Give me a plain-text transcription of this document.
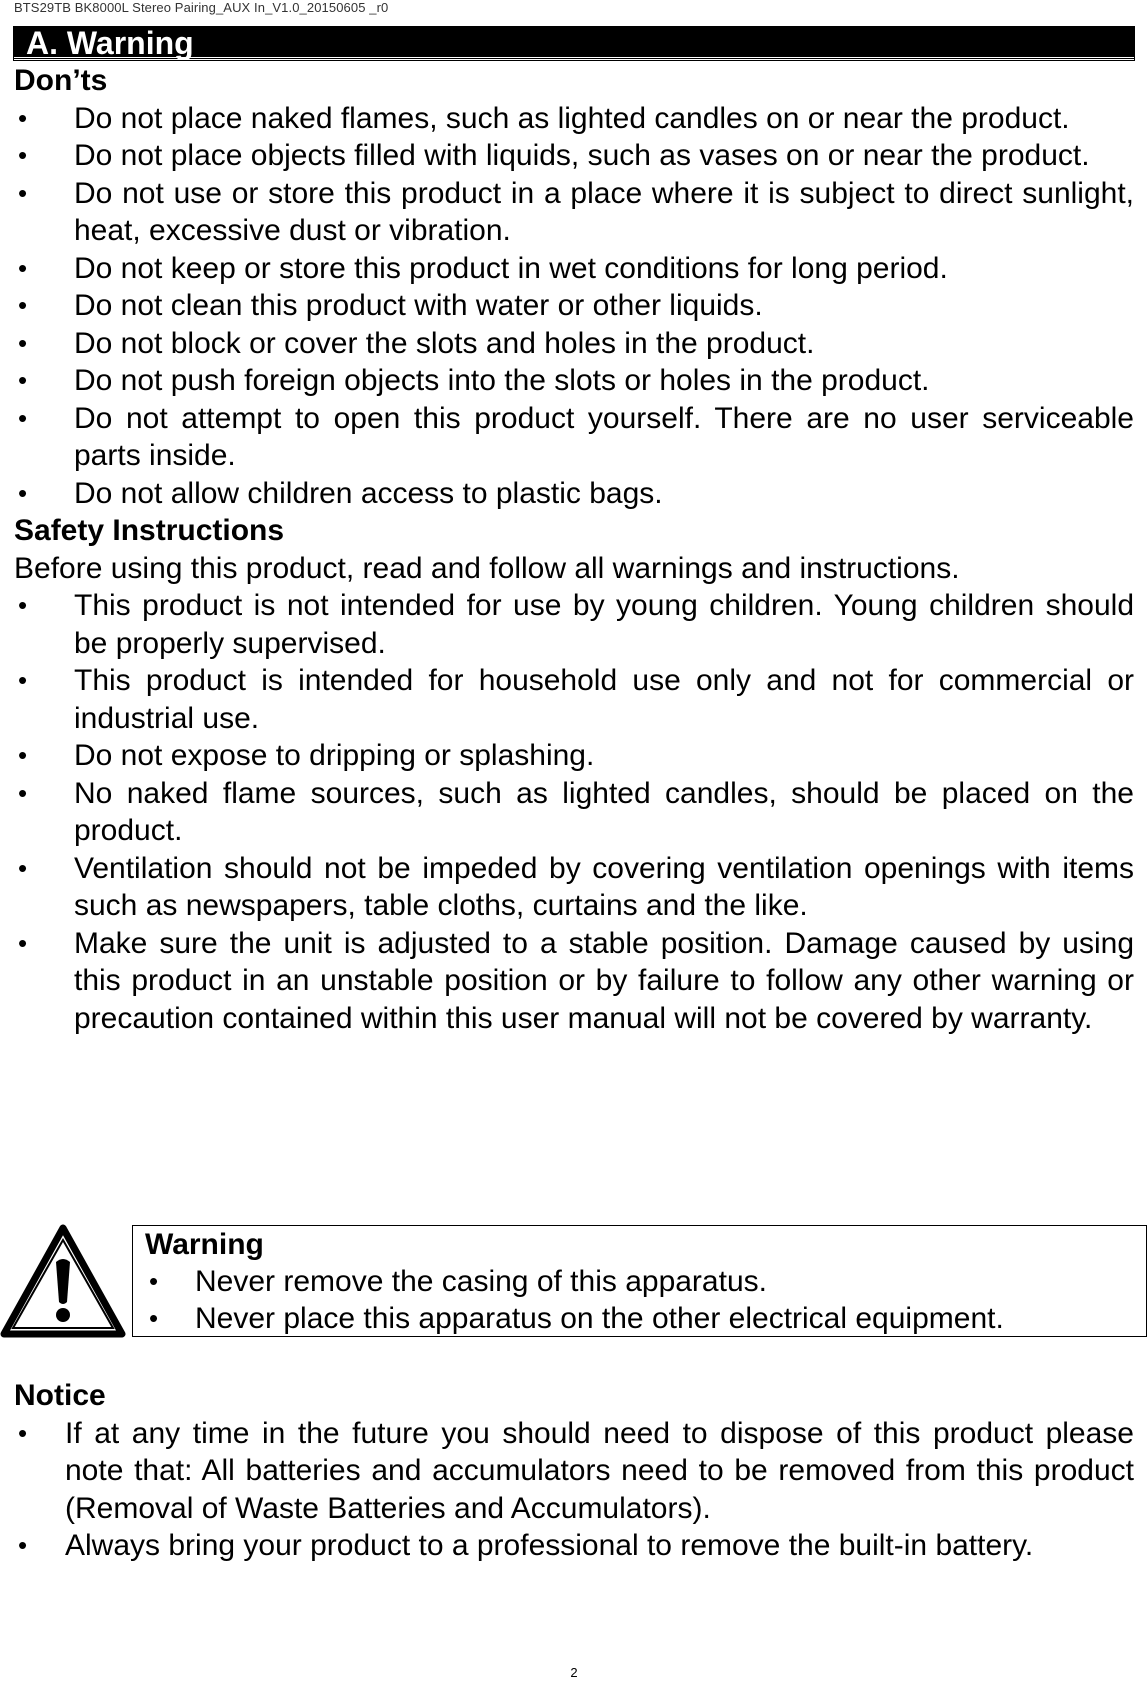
BTS29TB BK8000L Stereo Pairing_AUX In_V1.0_20150605 _r0
A. Warning
Don’ts
• Do not place naked flames, such as lighted candles on or near the product.
• Do not place objects filled with liquids, such as vases on or near the product.
• Do not use or store this product in a place where it is subject to direct sunlight, heat, excessive dust or vibration.
• Do not keep or store this product in wet conditions for long period.
• Do not clean this product with water or other liquids.
• Do not block or cover the slots and holes in the product.
• Do not push foreign objects into the slots or holes in the product.
• Do not attempt to open this product yourself. There are no user serviceable parts inside.
• Do not allow children access to plastic bags.
Safety Instructions

Before using this product, read and follow all warnings and instructions.

• This product is not intended for use by young children. Young children should be properly supervised.
• This product is intended for household use only and not for commercial or industrial use.
• Do not expose to dripping or splashing.
• No naked flame sources, such as lighted candles, should be placed on the product.
• Ventilation should not be impeded by covering ventilation openings with items such as newspapers, table cloths, curtains and the like.
• Make sure the unit is adjusted to a stable position. Damage caused by using this product in an unstable position or by failure to follow any other warning or precaution contained within this user manual will not be covered by warranty.
Warning
• Never remove the casing of this apparatus.
• Never place this apparatus on the other electrical equipment.
Notice
• If at any time in the future you should need to dispose of this product please note that: All batteries and accumulators need to be removed from this product (Removal of Waste Batteries and Accumulators).
• Always bring your product to a professional to remove the built-in battery.
2
